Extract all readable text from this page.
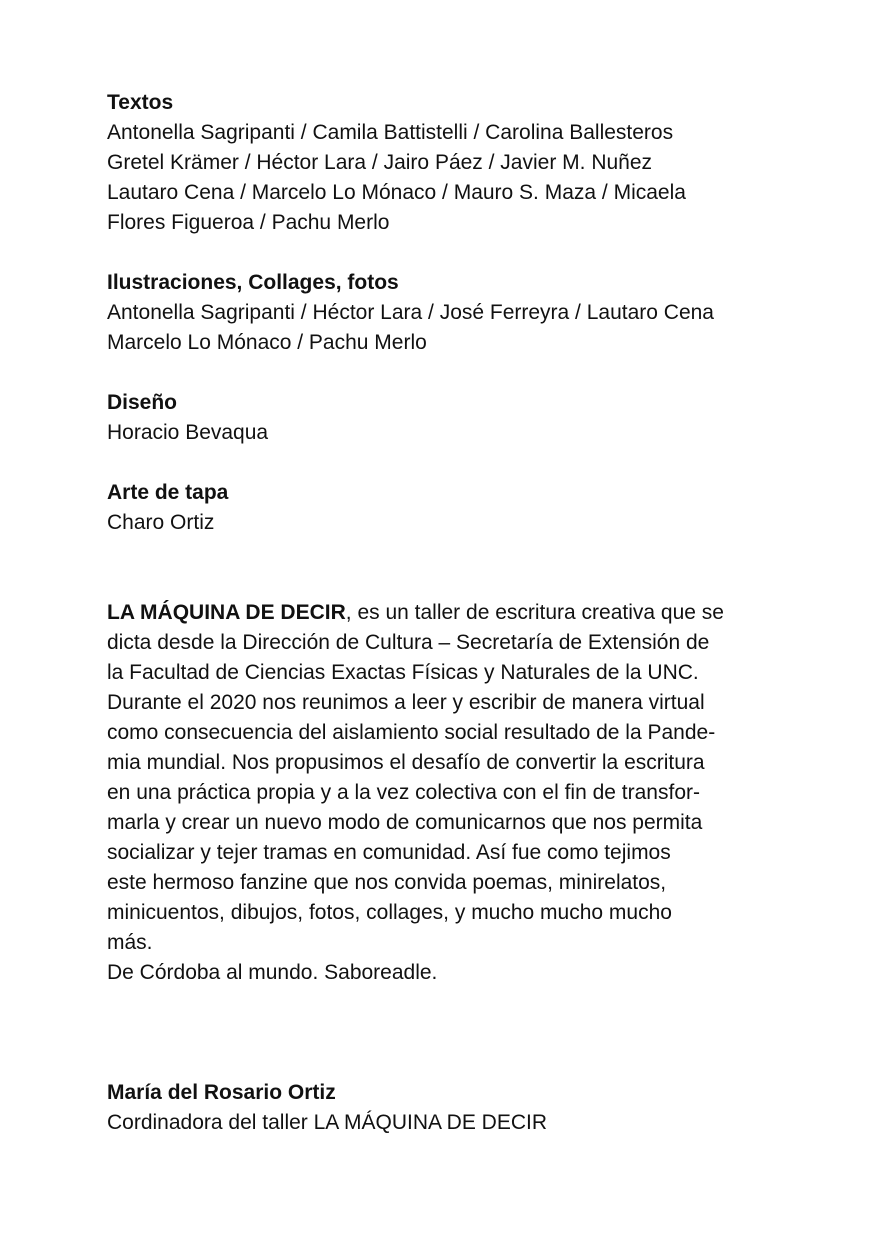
Textos
Antonella Sagripanti / Camila Battistelli / Carolina Ballesteros
Gretel Krämer / Héctor Lara / Jairo Páez / Javier M. Nuñez
Lautaro Cena / Marcelo Lo Mónaco / Mauro S. Maza / Micaela
Flores Figueroa / Pachu Merlo
Ilustraciones, Collages, fotos
Antonella Sagripanti / Héctor Lara / José Ferreyra / Lautaro Cena
Marcelo Lo Mónaco / Pachu Merlo
Diseño
Horacio Bevaqua
Arte de tapa
Charo Ortiz
LA MÁQUINA DE DECIR, es un taller de escritura creativa que se
dicta desde la Dirección de Cultura – Secretaría de Extensión de
la Facultad de Ciencias Exactas Físicas y Naturales de la UNC.
Durante el 2020 nos reunimos a leer y escribir de manera virtual
como consecuencia del aislamiento social resultado de la Pande-
mia mundial. Nos propusimos el desafío de convertir la escritura
en una práctica propia y a la vez colectiva con el fin de transfor-
marla y crear un nuevo modo de comunicarnos que nos permita
socializar y tejer tramas en comunidad. Así fue como tejimos
este hermoso fanzine que nos convida poemas, minirelatos,
minicuentos, dibujos, fotos, collages, y mucho mucho mucho
más.
De Córdoba al mundo. Saboreadle.
María del Rosario Ortiz
Cordinadora del taller LA MÁQUINA DE DECIR
